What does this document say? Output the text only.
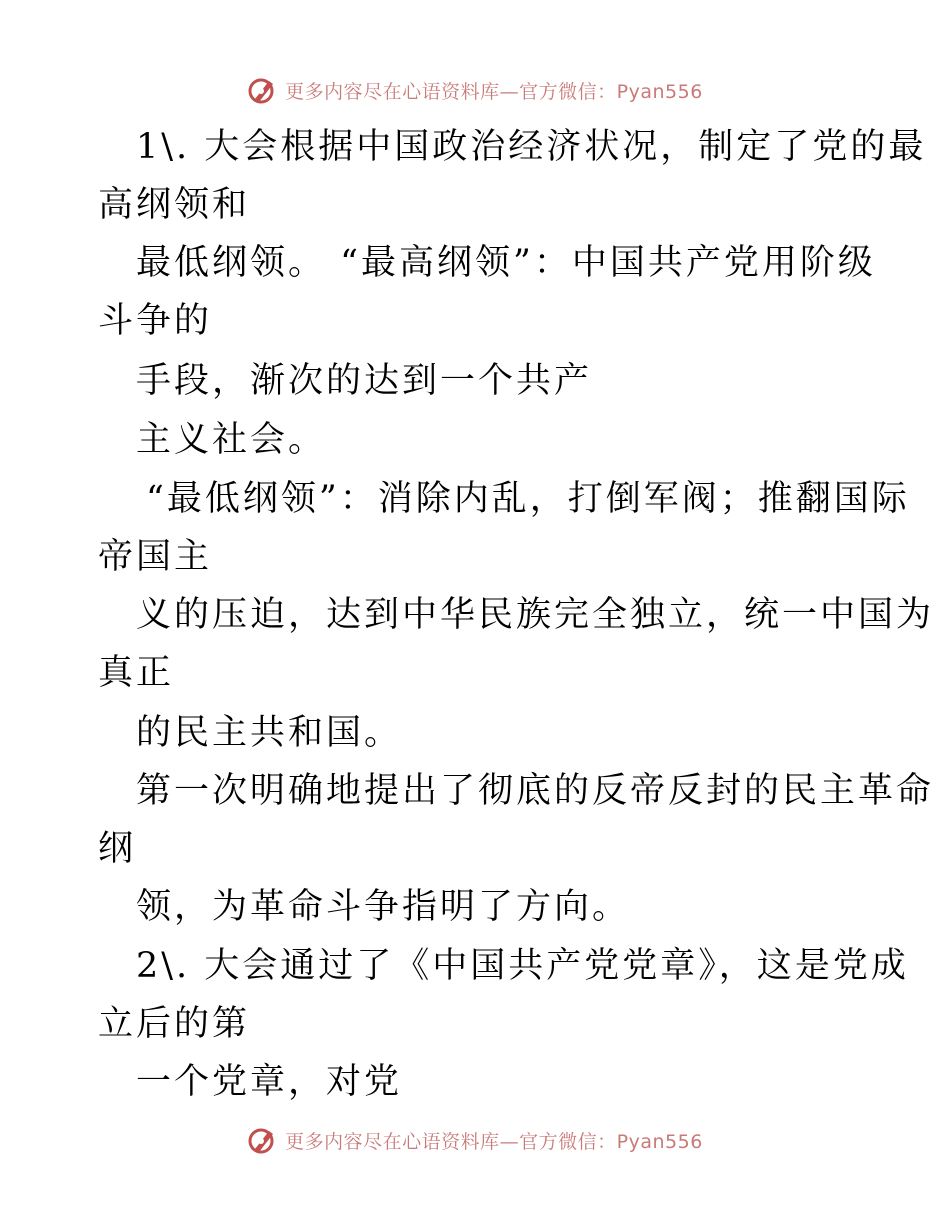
更多内容尽在心语资料库—官方微信：Pyan556
1\. 大会根据中国政治经济状况，制定了党的最
高纲领和
最低纲领。 “最高纲领”：中国共产党用阶级
斗争的
手段，渐次的达到一个共产
主义社会。
“最低纲领”：消除内乱，打倒军阀；推翻国际
帝国主
义的压迫，达到中华民族完全独立，统一中国为
真正
的民主共和国。
第一次明确地提出了彻底的反帝反封的民主革命
纲
领，为革命斗争指明了方向。
2\. 大会通过了《中国共产党党章》，这是党成
立后的第
一个党章，对党
更多内容尽在心语资料库—官方微信：Pyan556
